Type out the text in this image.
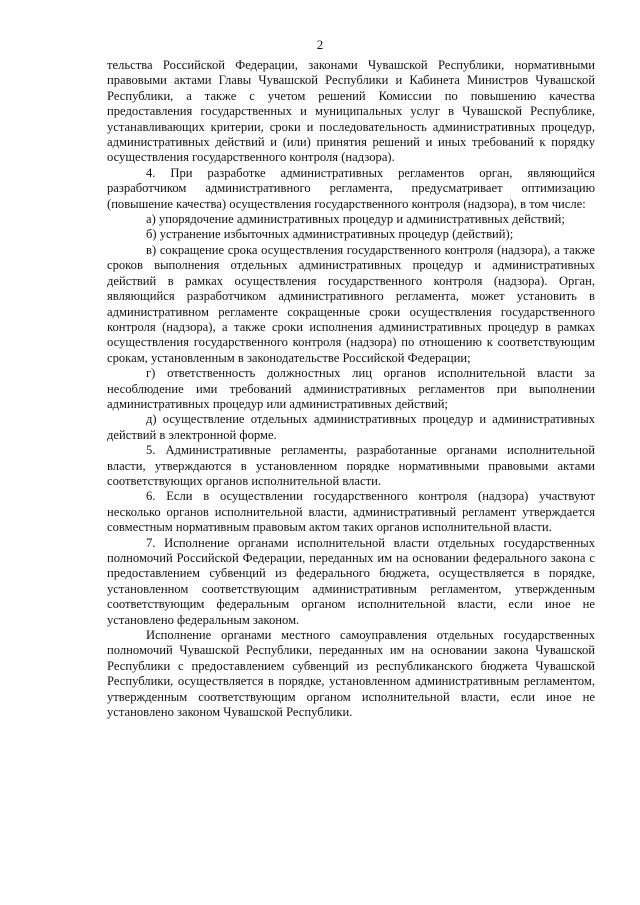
2

тельства Российской Федерации, законами Чувашской Республики, нормативными правовыми актами Главы Чувашской Республики и Кабинета Министров Чувашской Республики, а также с учетом решений Комиссии по повышению качества предоставления государственных и муниципальных услуг в Чувашской Республике, устанавливающих критерии, сроки и последовательность административных процедур, административных действий и (или) принятия решений и иных требований к порядку осуществления государственного контроля (надзора).

4. При разработке административных регламентов орган, являющийся разработчиком административного регламента, предусматривает оптимизацию (повышение качества) осуществления государственного контроля (надзора), в том числе:

а) упорядочение административных процедур и административных действий;

б) устранение избыточных административных процедур (действий);

в) сокращение срока осуществления государственного контроля (надзора), а также сроков выполнения отдельных административных процедур и административных действий в рамках осуществления государственного контроля (надзора). Орган, являющийся разработчиком административного регламента, может установить в административном регламенте сокращенные сроки осуществления государственного контроля (надзора), а также сроки исполнения административных процедур в рамках осуществления государственного контроля (надзора) по отношению к соответствующим срокам, установленным в законодательстве Российской Федерации;

г) ответственность должностных лиц органов исполнительной власти за несоблюдение ими требований административных регламентов при выполнении административных процедур или административных действий;

д) осуществление отдельных административных процедур и административных действий в электронной форме.

5. Административные регламенты, разработанные органами исполнительной власти, утверждаются в установленном порядке нормативными правовыми актами соответствующих органов исполнительной власти.

6. Если в осуществлении государственного контроля (надзора) участвуют несколько органов исполнительной власти, административный регламент утверждается совместным нормативным правовым актом таких органов исполнительной власти.

7. Исполнение органами исполнительной власти отдельных государственных полномочий Российской Федерации, переданных им на основании федерального закона с предоставлением субвенций из федерального бюджета, осуществляется в порядке, установленном соответствующим административным регламентом, утвержденным соответствующим федеральным органом исполнительной власти, если иное не установлено федеральным законом.

Исполнение органами местного самоуправления отдельных государственных полномочий Чувашской Республики, переданных им на основании закона Чувашской Республики с предоставлением субвенций из республиканского бюджета Чувашской Республики, осуществляется в порядке, установленном административным регламентом, утвержденным соответствующим органом исполнительной власти, если иное не установлено законом Чувашской Республики.
